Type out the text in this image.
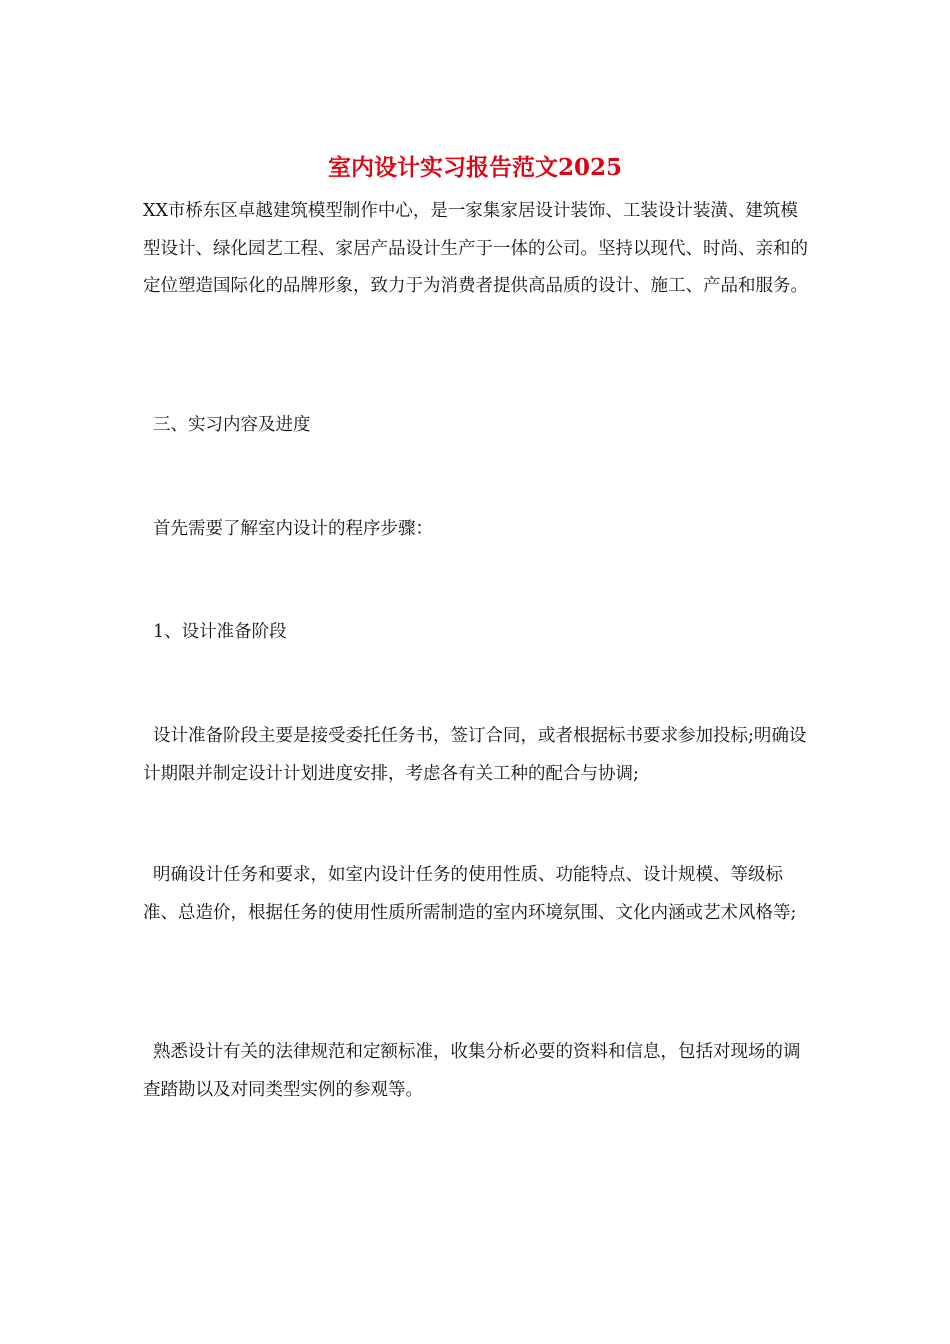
室内设计实习报告范文2025

XX市桥东区卓越建筑模型制作中心，是一家集家居设计装饰、工装设计装潢、建筑模型设计、绿化园艺工程、家居产品设计生产于一体的公司。坚持以现代、时尚、亲和的定位塑造国际化的品牌形象，致力于为消费者提供高品质的设计、施工、产品和服务。

三、实习内容及进度

首先需要了解室内设计的程序步骤：

1、设计准备阶段

设计准备阶段主要是接受委托任务书，签订合同，或者根据标书要求参加投标;明确设计期限并制定设计计划进度安排，考虑各有关工种的配合与协调;

明确设计任务和要求，如室内设计任务的使用性质、功能特点、设计规模、等级标准、总造价，根据任务的使用性质所需制造的室内环境氛围、文化内涵或艺术风格等;

熟悉设计有关的法律规范和定额标准，收集分析必要的资料和信息，包括对现场的调查踏勘以及对同类型实例的参观等。
